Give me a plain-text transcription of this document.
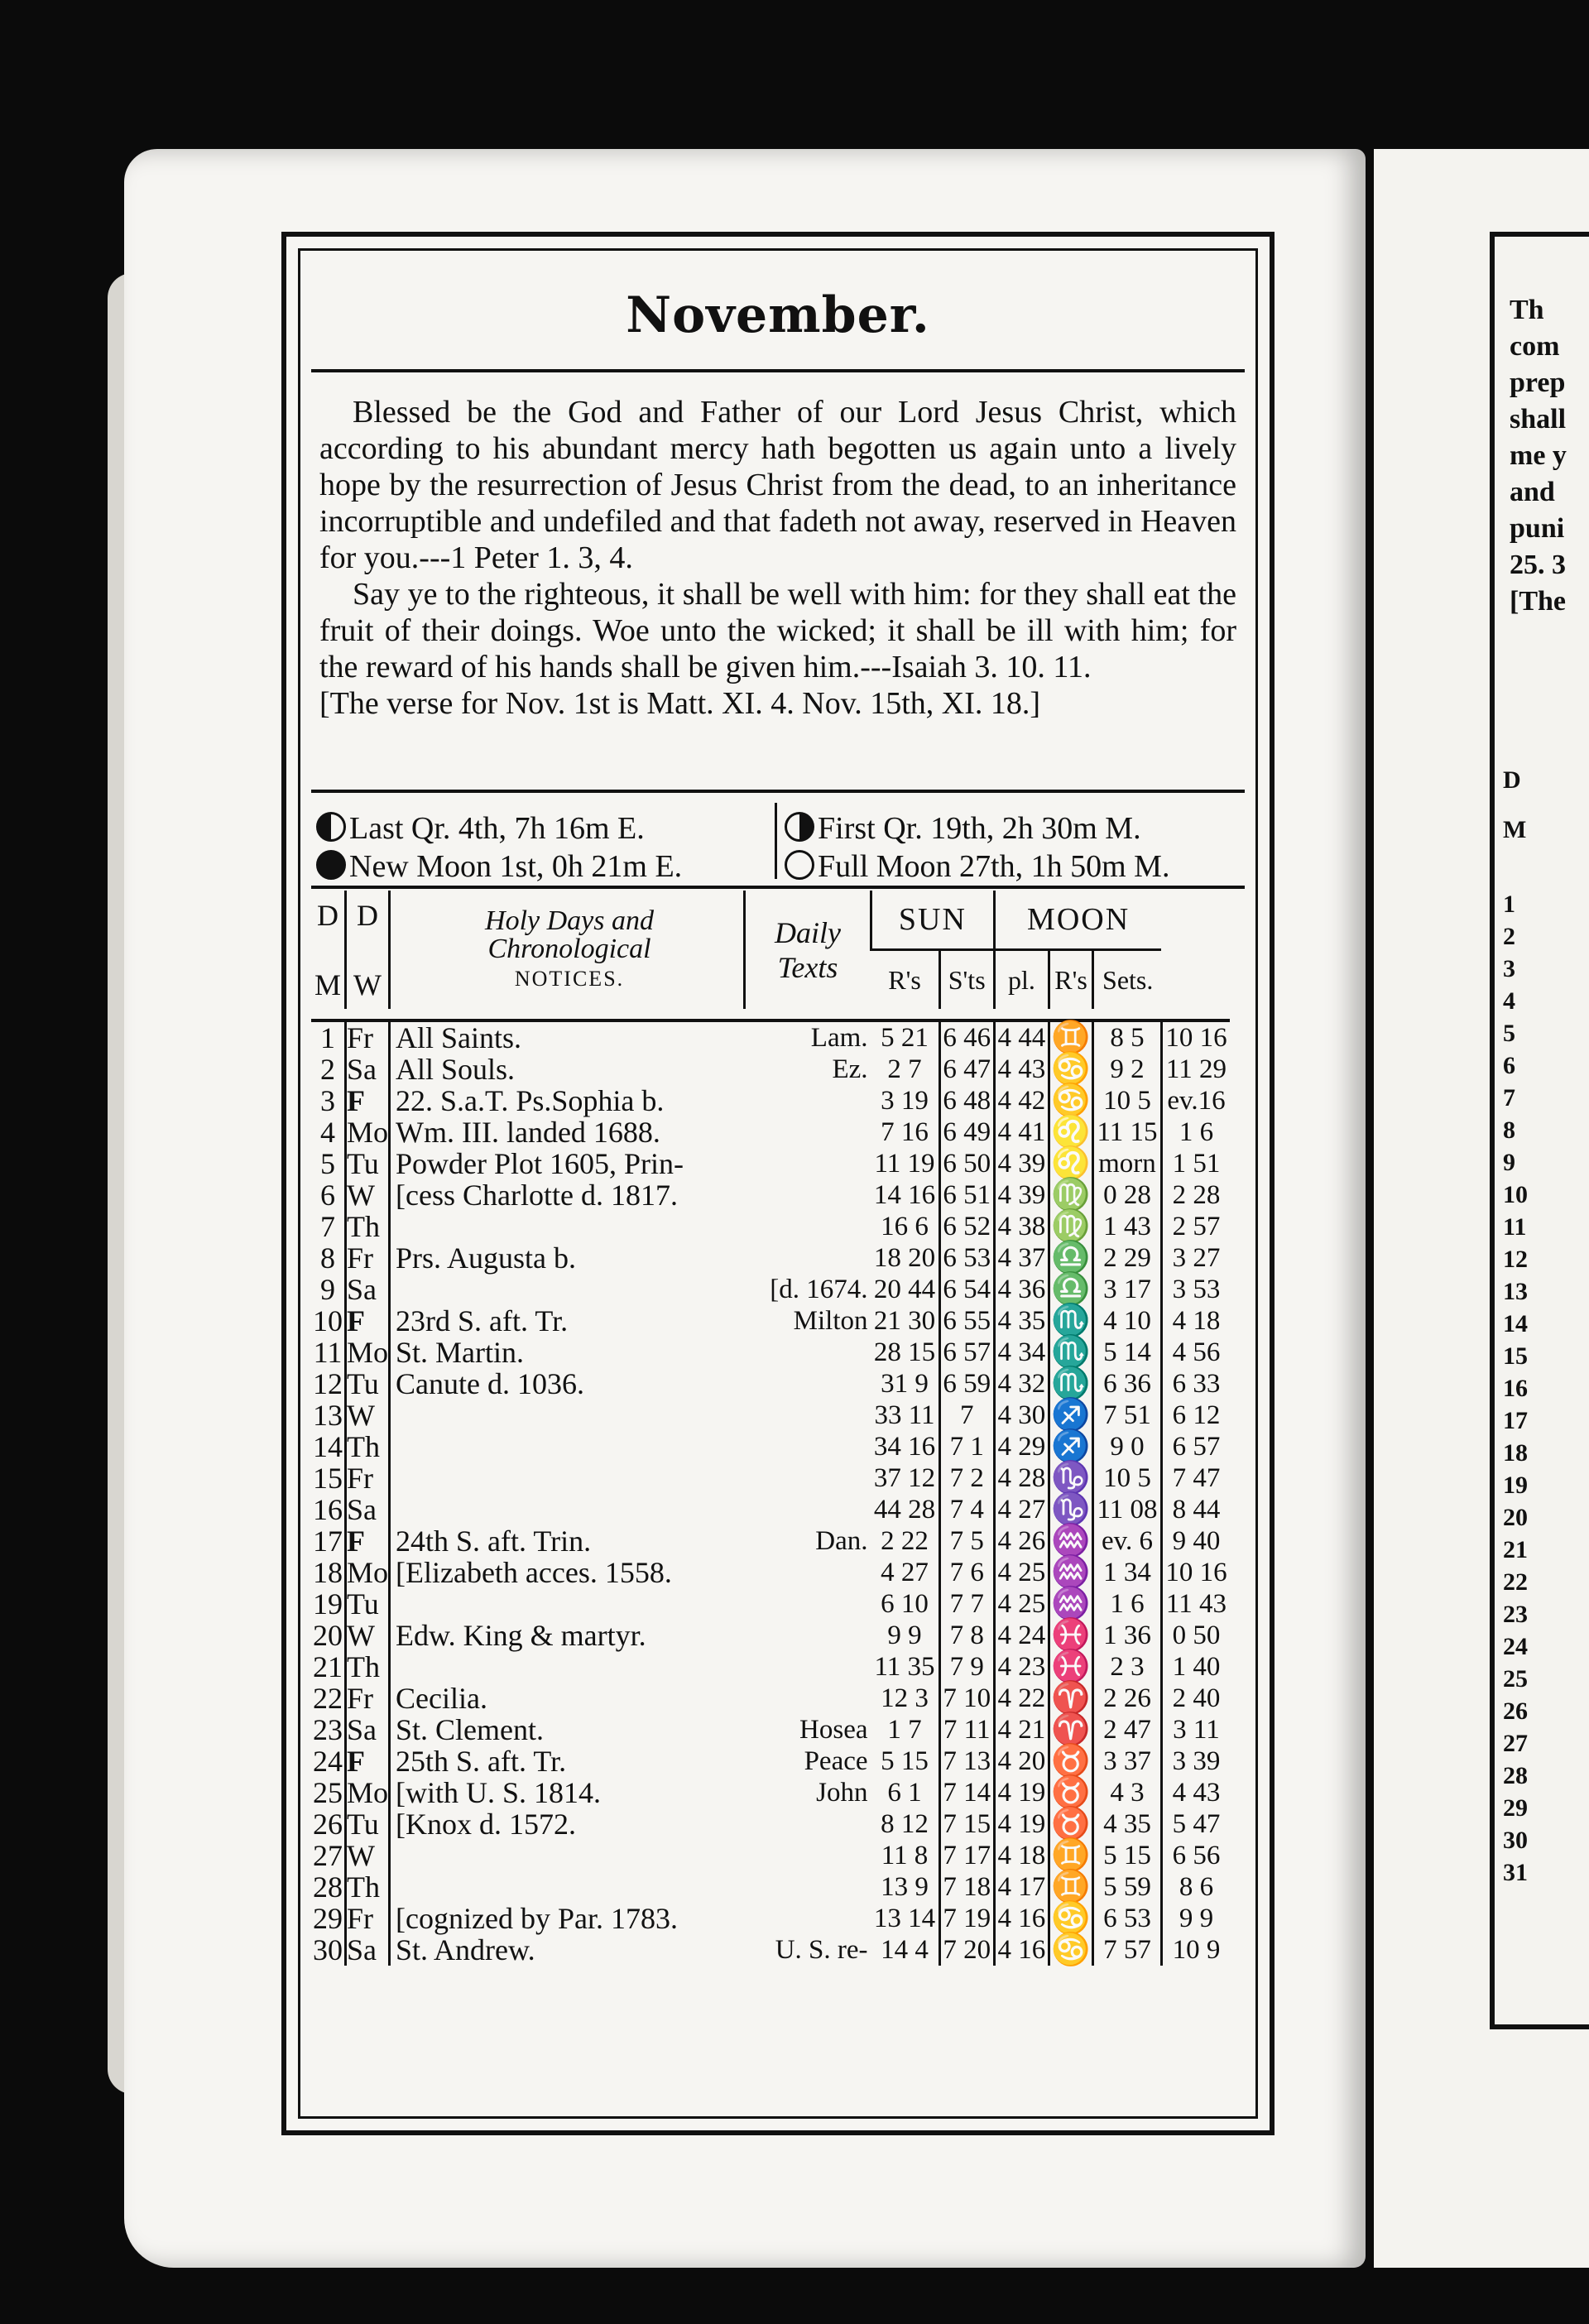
Th
com
prep
shall
me y
and
puni
25. 3
[The
D
M
1
2
3
4
5
6
7
8
9
10
11
12
13
14
15
16
17
18
19
20
21
22
23
24
25
26
27
28
29
30
31
November.

Blessed be the God and Father of our Lord Jesus Christ, which according to his abundant mercy hath begotten us again unto a lively hope by the resurrection of Jesus Christ from the dead, to an inheritance incorruptible and undefiled and that fadeth not away, reserved in Heaven for you.---1 Peter 1. 3, 4.

Say ye to the righteous, it shall be well with him: for they shall eat the fruit of their doings. Woe unto the wicked; it shall be ill with him; for the reward of his hands shall be given him.---Isaiah 3. 10. 11.

[The verse for Nov. 1st is Matt. XI. 4. Nov. 15th, XI. 18.]

Last Qr. 4th, 7h 16m E.
New Moon 1st, 0h 21m E.
First Qr. 19th, 2h 30m M.
Full Moon 27th, 1h 50m M.
D

M	D

W	Holy Days and
Chronological
NOTICES.	Daily Texts	SUN		MOON			
				R's	S'ts	pl.	R's	Sets.	

1	Fr	All Saints.	Lam.	5 21	6 46	4 44	♊	8 5	10 16
2	Sa	All Souls.	Ez.	2 7	6 47	4 43	♋	9 2	11 29
3	F	22. S.a.T. Ps.Sophia b.		3 19	6 48	4 42	♋	10 5	ev.16
4	Mo	Wm. III. landed 1688.		7 16	6 49	4 41	♌	11 15	1 6
5	Tu	Powder Plot 1605, Prin-		11 19	6 50	4 39	♌	morn	1 51
6	W	[cess Charlotte d. 1817.		14 16	6 51	4 39	♍	0 28	2 28
7	Th			16 6	6 52	4 38	♍	1 43	2 57
8	Fr	Prs. Augusta b.		18 20	6 53	4 37	♎	2 29	3 27
9	Sa		[d. 1674.	20 44	6 54	4 36	♎	3 17	3 53
10	F	23rd S. aft. Tr.	Milton	21 30	6 55	4 35	♏	4 10	4 18
11	Mo	St. Martin.		28 15	6 57	4 34	♏	5 14	4 56
12	Tu	Canute d. 1036.		31 9	6 59	4 32	♏	6 36	6 33
13	W			33 11	7	4 30	♐	7 51	6 12
14	Th			34 16	7 1	4 29	♐	9 0	6 57
15	Fr			37 12	7 2	4 28	♑	10 5	7 47
16	Sa			44 28	7 4	4 27	♑	11 08	8 44
17	F	24th S. aft. Trin.	Dan.	2 22	7 5	4 26	♒	ev. 6	9 40
18	Mo	[Elizabeth acces. 1558.		4 27	7 6	4 25	♒	1 34	10 16
19	Tu			6 10	7 7	4 25	♒	1 6	11 43
20	W	Edw. King & martyr.		9 9	7 8	4 24	♓	1 36	0 50
21	Th			11 35	7 9	4 23	♓	2 3	1 40
22	Fr	Cecilia.		12 3	7 10	4 22	♈	2 26	2 40
23	Sa	St. Clement.	Hosea	1 7	7 11	4 21	♈	2 47	3 11
24	F	25th S. aft. Tr.	Peace	5 15	7 13	4 20	♉	3 37	3 39
25	Mo	[with U. S. 1814.	John	6 1	7 14	4 19	♉	4 3	4 43
26	Tu	[Knox d. 1572.		8 12	7 15	4 19	♉	4 35	5 47
27	W			11 8	7 17	4 18	♊	5 15	6 56
28	Th			13 9	7 18	4 17	♊	5 59	8 6
29	Fr	[cognized by Par. 1783.		13 14	7 19	4 16	♋	6 53	9 9
30	Sa	St. Andrew.	U. S. re-	14 4	7 20	4 16	♋	7 57	10 9
